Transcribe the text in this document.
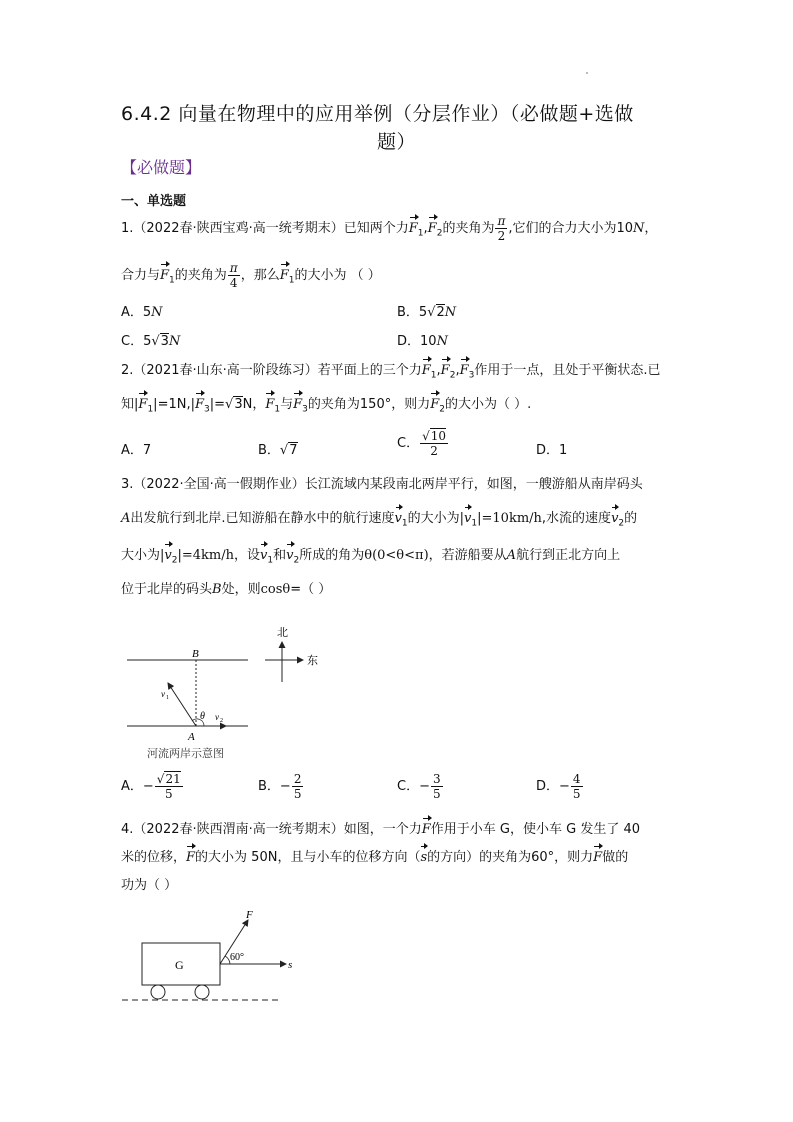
6.4.2 向量在物理中的应用举例（分层作业）（必做题+选做
题）
【必做题】
一、单选题
1.（2022春·陕西宝鸡·高一统考期末）已知两个力$F_1,F_2$的夹角为 $\frac{\pi}{2}$ ,它们的合力大小为10N，
合力与$F_1$的夹角为 $\frac{\pi}{4}$ ，那么$F_1$的大小为 （ ）
A．5N	B．5√2N
C．5√3N	D．10N
2.（2021春·山东·高一阶段练习）若平面上的三个力$F_1,F_2,F_3$作用于一点，且处于平衡状态.已
知$|F_1|=1N,|F_3|=√3N$，$F_1$与$F_3$的夹角为150°，则力$F_2$的大小为（ ）.
A．7	B．√7	C． $\frac{√10}{2}$	D．1
3.（2022·全国·高一假期作业）长江流域内某段南北两岸平行，如图，一艘游船从南岸码头
A出发航行到北岸.已知游船在静水中的航行速度$v_1$的大小为$|v_1|=10km/h$,水流的速度$v_2$的
大小为$|v_2|=4km/h$，设$v_1$和$v_2$所成的角为θ(0<θ<π)，若游船要从A航行到正北方向上
位于北岸的码头B处，则cosθ=（ ）
B
A
θ
v 1
v 2
北
东
河流两岸示意图
A．− $\frac{√21}{5}$	B．− $\frac{2}{5}$	C．− $\frac{3}{5}$	D．− $\frac{4}{5}$
4.（2022春·陕西渭南·高一统考期末）如图，一个力F作用于小车 G，使小车 G 发生了 40
米的位移，F的大小为 50N，且与小车的位移方向（s的方向）的夹角为60°，则力F做的
功为（ ）
G
F
60°
s
